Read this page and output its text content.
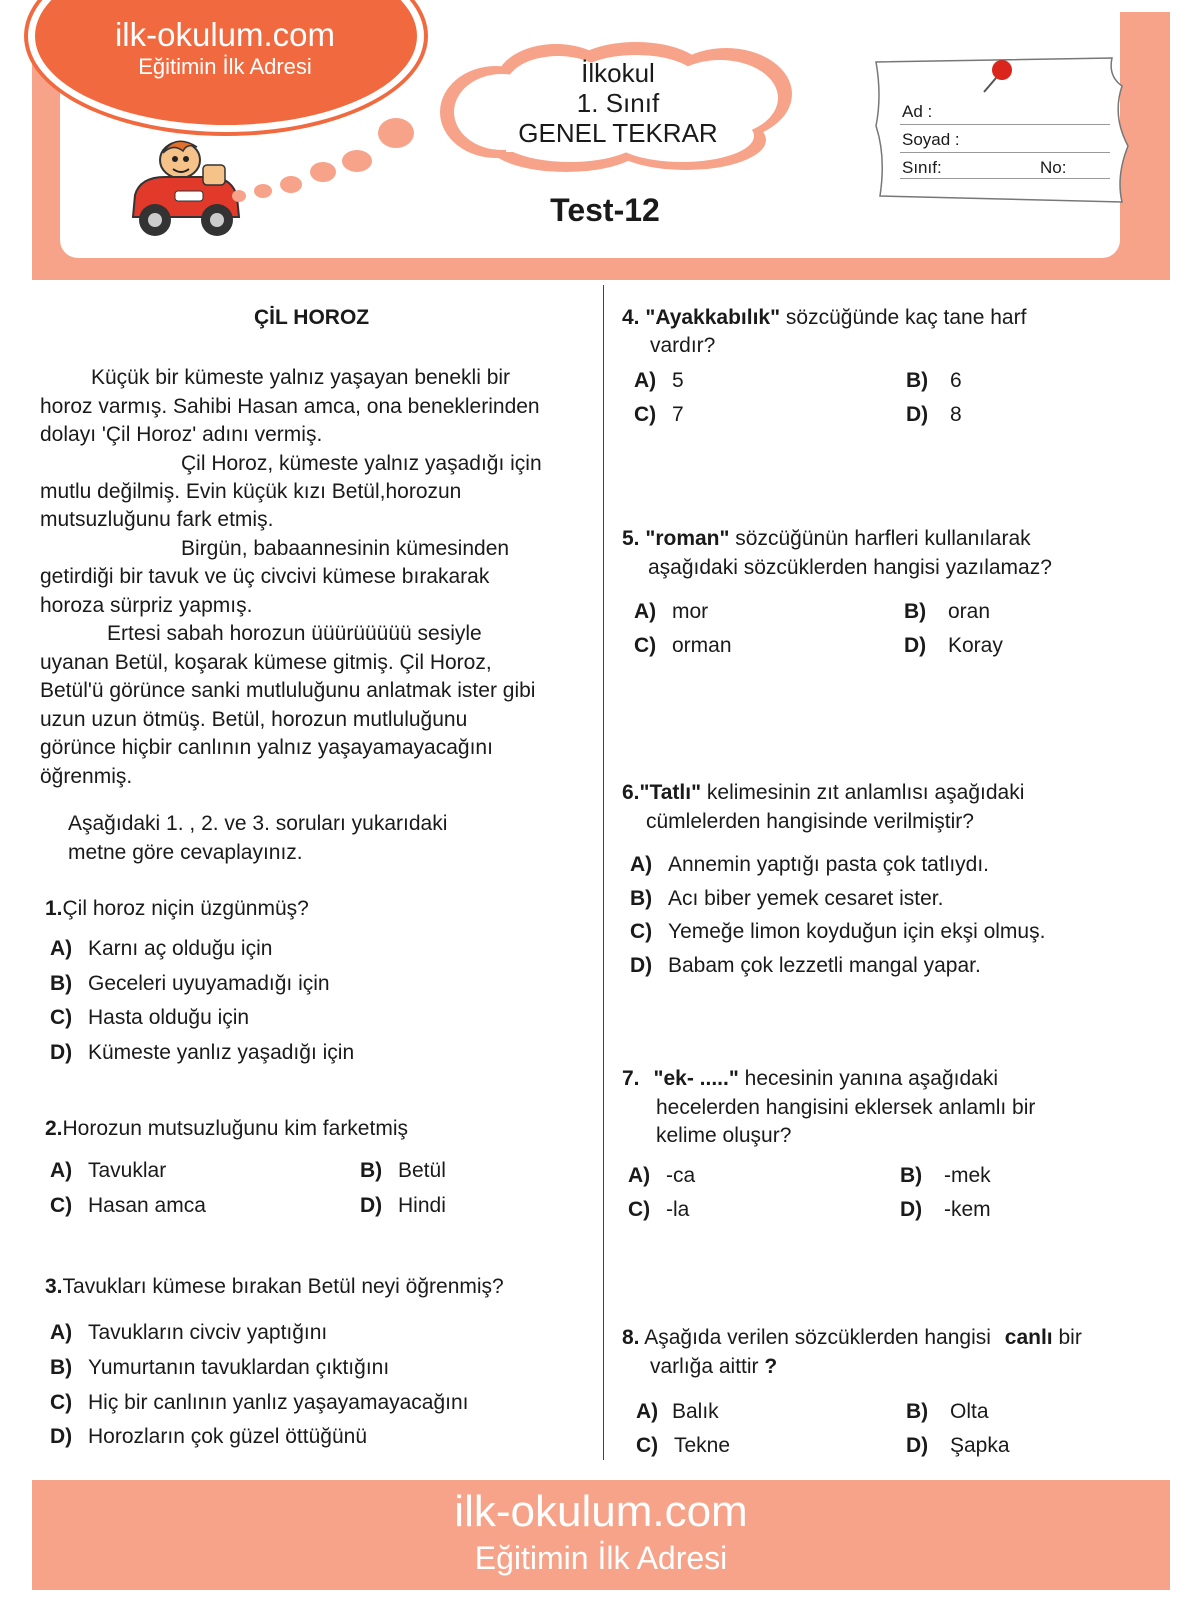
ilk-okulum.com
Eğitimin İlk Adresi	İlkokul
1. Sınıf
GENEL TEKRAR
Test-12
Ad :
Soyad :
Sınıf:	No:
ÇİL HOROZ
Küçük bir kümeste yalnız yaşayan benekli bir
horoz varmış. Sahibi Hasan amca, ona beneklerinden
dolayı 'Çil Horoz' adını vermiş.
Çil Horoz, kümeste yalnız yaşadığı için
mutlu değilmiş. Evin küçük kızı Betül,horozun
mutsuzluğunu fark etmiş.
Birgün, babaannesinin kümesinden
getirdiği bir tavuk ve üç civcivi kümese bırakarak
horoza sürpriz yapmış.
Ertesi sabah horozun üüürüüüüü sesiyle
uyanan Betül, koşarak kümese gitmiş. Çil Horoz,
Betül'ü görünce sanki mutluluğunu anlatmak ister gibi
uzun uzun ötmüş. Betül, horozun mutluluğunu
görünce hiçbir canlının yalnız yaşayamayacağını
öğrenmiş.
Aşağıdaki 1. , 2. ve 3. soruları yukarıdaki
metne göre cevaplayınız.
1.Çil horoz niçin üzgünmüş?
A) Karnı aç olduğu için
B) Geceleri uyuyamadığı için
C) Hasta olduğu için
D) Kümeste yanlız yaşadığı için
2.Horozun mutsuzluğunu kim farketmiş
A) Tavuklar	B) Betül
C) Hasan amca	D) Hindi
3.Tavukları kümese bırakan Betül neyi öğrenmiş?
A) Tavukların civciv yaptığını
B) Yumurtanın tavuklardan çıktığını
C) Hiç bir canlının yanlız yaşayamayacağını
D) Horozların çok güzel öttüğünü
4. "Ayakkabılık" sözcüğünde kaç tane harf
vardır?
A) 5	B) 6
C) 7	D) 8
5. "roman" sözcüğünün harfleri kullanılarak
aşağıdaki sözcüklerden hangisi yazılamaz?
A) mor	B) oran
C) orman	D) Koray
6."Tatlı" kelimesinin zıt anlamlısı aşağıdaki
cümlelerden hangisinde verilmiştir?
A) Annemin yaptığı pasta çok tatlıydı.
B) Acı biber yemek cesaret ister.
C) Yemeğe limon koyduğun için ekşi olmuş.
D) Babam çok lezzetli mangal yapar.
7. "ek- ....." hecesinin yanına aşağıdaki
hecelerden hangisini eklersek anlamlı bir
kelime oluşur?
A) -ca	B) -mek
C) -la	D) -kem
8. Aşağıda verilen sözcüklerden hangisi canlı bir
varlığa aittir ?
A) Balık	B) Olta
C) Tekne	D) Şapka
ilk-okulum.com
Eğitimin İlk Adresi
